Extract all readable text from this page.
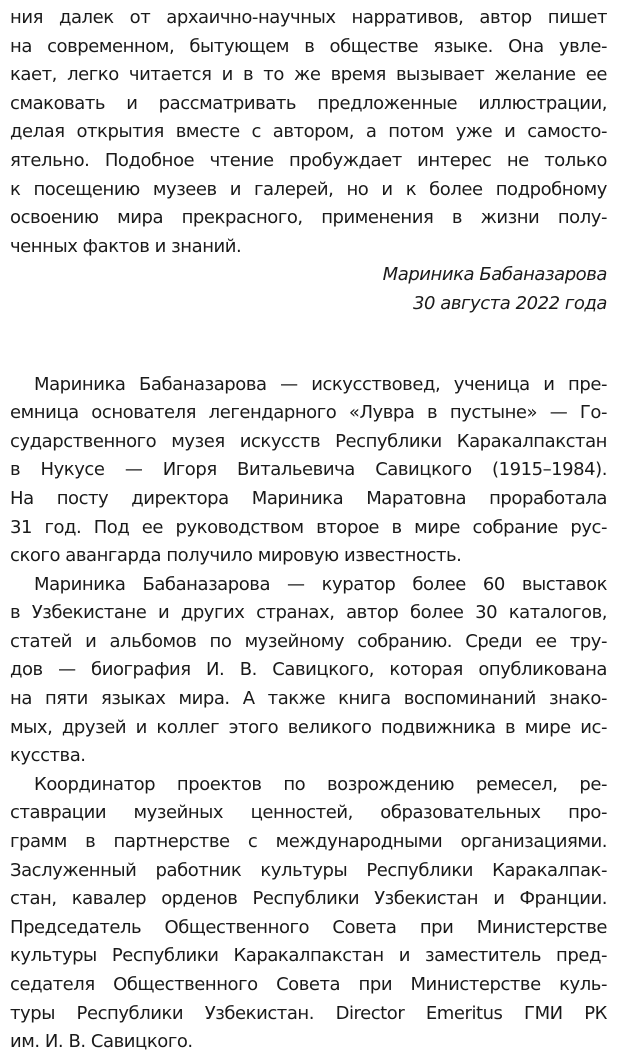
ния далек от архаично-научных нарративов, автор пишет
на современном, бытующем в обществе языке. Она увле-
кает, легко читается и в то же время вызывает желание ее
смаковать и рассматривать предложенные иллюстрации,
делая открытия вместе с автором, а потом уже и самосто-
ятельно. Подобное чтение пробуждает интерес не только
к посещению музеев и галерей, но и к более подробному
освоению мира прекрасного, применения в жизни полу-
ченных фактов и знаний.

Мариника Бабаназарова
30 августа 2022 года

Мариника Бабаназарова — искусствовед, ученица и пре-
емница основателя легендарного «Лувра в пустыне» — Го-
сударственного музея искусств Республики Каракалпакстан
в Нукусе — Игоря Витальевича Савицкого (1915–1984).
На посту директора Мариника Маратовна проработала
31 год. Под ее руководством второе в мире собрание рус-
ского авангарда получило мировую известность.

Мариника Бабаназарова — куратор более 60 выставок
в Узбекистане и других странах, автор более 30 каталогов,
статей и альбомов по музейному собранию. Среди ее тру-
дов — биография И. В. Савицкого, которая опубликована
на пяти языках мира. А также книга воспоминаний знако-
мых, друзей и коллег этого великого подвижника в мире ис-
кусства.

Координатор проектов по возрождению ремесел, ре-
ставрации музейных ценностей, образовательных про-
грамм в партнерстве с международными организациями.
Заслуженный работник культуры Республики Каракалпак-
стан, кавалер орденов Республики Узбекистан и Франции.
Председатель Общественного Совета при Министерстве
культуры Республики Каракалпакстан и заместитель пред-
седателя Общественного Совета при Министерстве куль-
туры Республики Узбекистан. Director Emeritus ГМИ РК
им. И. В. Савицкого.
